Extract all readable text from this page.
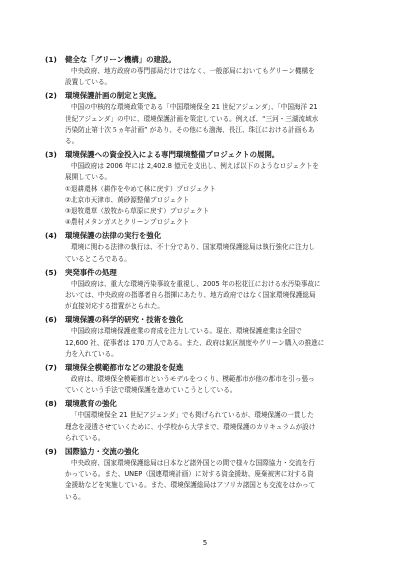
(1)	健全な「グリーン機構」の建設。
中央政府、地方政府の専門部局だけではなく、一般部局においてもグリーン機構を
設置している。
(2)	環境保護計画の制定と実施。
中国の中核的な環境政策である「中国環境保全 21 世紀アジェンダ」、「中国海洋 21
世紀アジェンダ」の中に、環境保護計画を策定している。例えば、“三河・三湖流域水
汚染防止第十次５ヵ年計画” があり、その他にも渤海、長江、珠江における計画もあ
る。
(3)	環境保護への資金投入による専門環境整備プロジェクトの展開。
中国政府は 2006 年には 2,402.8 億元を支出し、例えば以下のようなロジェクトを
展開している。
①退耕還林（耕作をやめて林に戻す）プロジェクト
②北京市天津市、黄砂源整備プロジェクト
③退牧還草（放牧から草原に戻す）プロジェクト
④農村メタンガスとクリーンプロジェクト
(4)	環境保護の法律の実行を強化
環境に関わる法律の執行は、不十分であり、国家環境保護総局は執行強化に注力し
ているところである。
(5)	突発事件の処理
中国政府は、重大な環境汚染事故を重視し、2005 年の松花江における水汚染事故に
おいては、中央政府の指導者自ら指揮にあたり、地方政府ではなく国家環境保護総局
が直接対応する措置がとられた。
(6)	環境保護の科学的研究・技術を強化
中国政府は環境保護産業の育成を注力している。現在、環境保護産業は全国で
12,600 社、従事者は 170 万人である。また、政府は鉱区制度やグリーン購入の推進に
力を入れている。
(7)	環境保全模範都市などの建設を促進
政府は、環境保全模範都市というモデルをつくり、模範都市が他の都市を引っ張っ
ていくという手法で環境保護を進めていこうとしている。
(8)	環境教育の強化
「中国環境保全 21 世紀アジェンダ」でも掲げられているが、環境保護の一貫した
理念を浸透させていくために、小学校から大学まで、環境保護のカリキュラムが設け
られている。
(9)	国際協力・交流の強化
中央政府、国家環境保護総局は日本など諸外国との間で様々な国際協力・交流を行
かっている。また、UNEP（国連環境計画）に対する資金援助、廃棄被害に対する資
金援助などを実施している。また、環境保護総局はアフリカ諸国とも交流をはかって
いる。
5
